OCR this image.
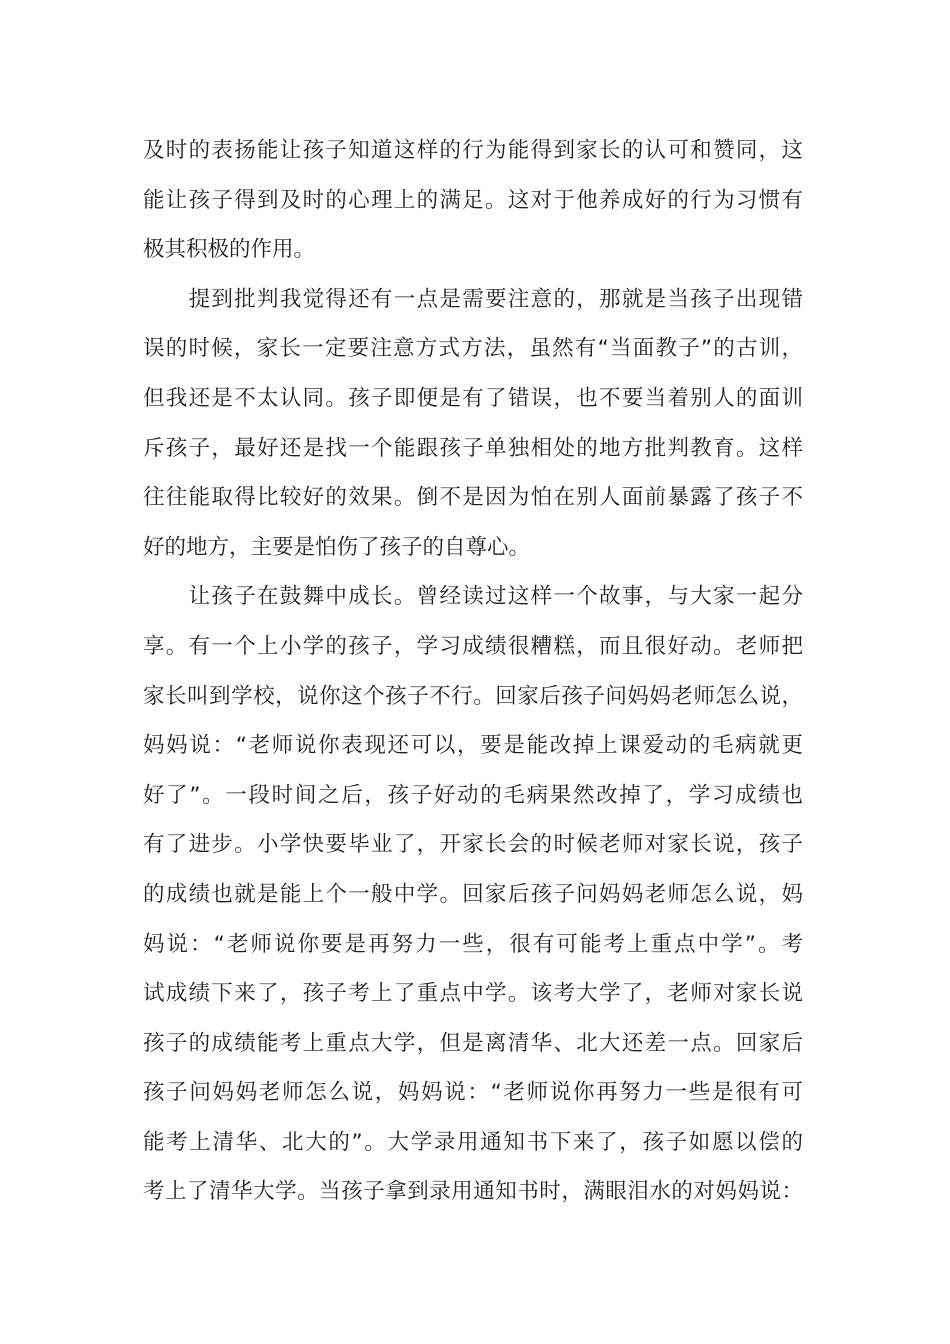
及时的表扬能让孩子知道这样的行为能得到家长的认可和赞同，这
能让孩子得到及时的心理上的满足。这对于他养成好的行为习惯有
极其积极的作用。

　　提到批判我觉得还有一点是需要注意的，那就是当孩子出现错
误的时候，家长一定要注意方式方法，虽然有“当面教子”的古训，
但我还是不太认同。孩子即便是有了错误，也不要当着别人的面训
斥孩子，最好还是找一个能跟孩子单独相处的地方批判教育。这样
往往能取得比较好的效果。倒不是因为怕在别人面前暴露了孩子不
好的地方，主要是怕伤了孩子的自尊心。

　　让孩子在鼓舞中成长。曾经读过这样一个故事，与大家一起分
享。有一个上小学的孩子，学习成绩很糟糕，而且很好动。老师把
家长叫到学校，说你这个孩子不行。回家后孩子问妈妈老师怎么说，
妈妈说：“老师说你表现还可以，要是能改掉上课爱动的毛病就更
好了”。一段时间之后，孩子好动的毛病果然改掉了，学习成绩也
有了进步。小学快要毕业了，开家长会的时候老师对家长说，孩子
的成绩也就是能上个一般中学。回家后孩子问妈妈老师怎么说，妈
妈说：“老师说你要是再努力一些，很有可能考上重点中学”。考
试成绩下来了，孩子考上了重点中学。该考大学了，老师对家长说
孩子的成绩能考上重点大学，但是离清华、北大还差一点。回家后
孩子问妈妈老师怎么说，妈妈说：“老师说你再努力一些是很有可
能考上清华、北大的”。大学录用通知书下来了，孩子如愿以偿的
考上了清华大学。当孩子拿到录用通知书时，满眼泪水的对妈妈说：
